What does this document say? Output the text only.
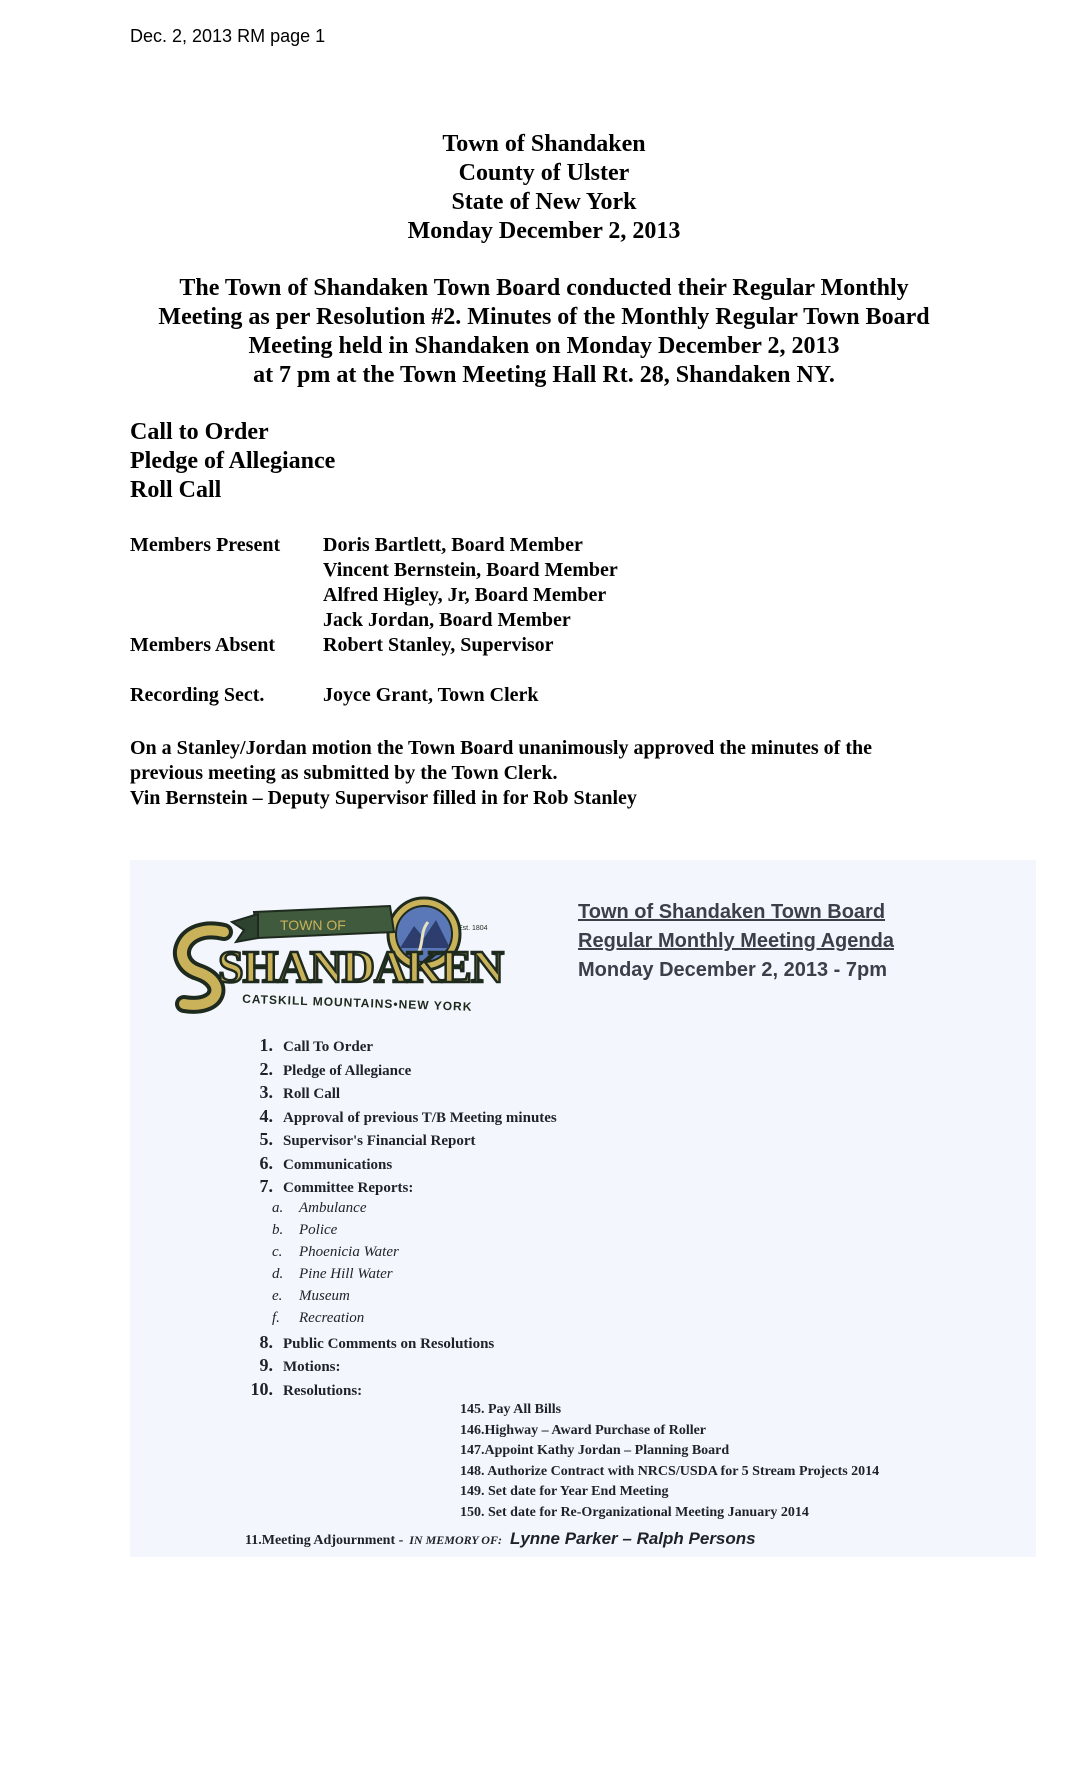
Dec. 2, 2013 RM page 1
Town of Shandaken
County of Ulster
State of New York
Monday December 2, 2013
The Town of Shandaken Town Board conducted their Regular Monthly
Meeting as per Resolution #2. Minutes of the Monthly Regular Town Board
Meeting held in Shandaken on Monday December 2, 2013
at 7 pm at the Town Meeting Hall Rt. 28, Shandaken NY.
Call to Order
Pledge of Allegiance
Roll Call
Members Present	Doris Bartlett, Board Member
Vincent Bernstein, Board Member
Alfred Higley, Jr, Board Member
Jack Jordan, Board Member
Members Absent	Robert Stanley, Supervisor
Recording Sect.	Joyce Grant, Town Clerk
On a Stanley/Jordan motion the Town Board unanimously approved the minutes of the
previous meeting as submitted by the Town Clerk.
Vin Bernstein – Deputy Supervisor filled in for Rob Stanley
Est. 1804
TOWN OF
SHANDAKEN
CATSKILL MOUNTAINS•NEW YORK
Town of Shandaken Town Board
Regular Monthly Meeting Agenda
Monday December 2, 2013 - 7pm
1. Call To Order
2. Pledge of Allegiance
3. Roll Call
4. Approval of previous T/B Meeting minutes
5. Supervisor's Financial Report
6. Communications
7. Committee Reports:
a.	Ambulance
b.	Police
c.	Phoenicia Water
d.	Pine Hill Water
e.	Museum
f.	Recreation
8. Public Comments on Resolutions
9. Motions:
10. Resolutions:
145. Pay All Bills
146.Highway – Award Purchase of Roller
147.Appoint Kathy Jordan – Planning Board
148. Authorize Contract with NRCS/USDA for 5 Stream Projects 2014
149. Set date for Year End Meeting
150. Set date for Re-Organizational Meeting January 2014
11.Meeting Adjournment - IN MEMORY OF: Lynne Parker – Ralph Persons
